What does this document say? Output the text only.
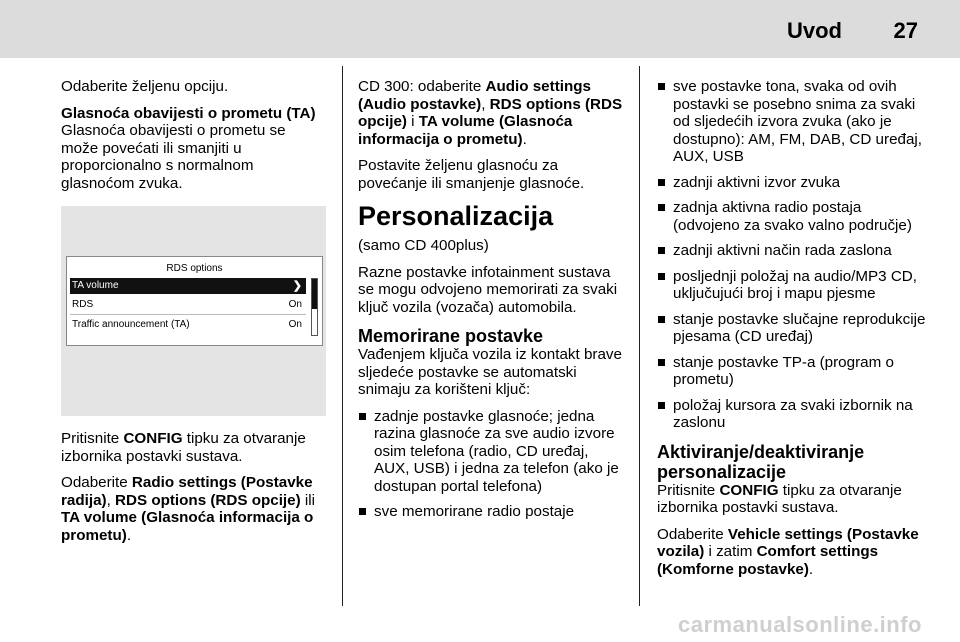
Uvod 27

Odaberite željenu opciju.

Glasnoća obavijesti o prometu (TA)

Glasnoća obavijesti o prometu se može povećati ili smanjiti u proporcionalno s normalnom glasnoćom zvuka.

RDS options
TA volume	❯
RDS	On
Traffic announcement (TA)	On

Pritisnite CONFIG tipku za otvaranje izbornika postavki sustava.

Odaberite Radio settings (Postavke radija), RDS options (RDS opcije) ili TA volume (Glasnoća informacija o prometu).

CD 300: odaberite Audio settings (Audio postavke), RDS options (RDS opcije) i TA volume (Glasnoća informacija o prometu).

Postavite željenu glasnoću za povećanje ili smanjenje glasnoće.

Personalizacija

(samo CD 400plus)

Razne postavke infotainment sustava se mogu odvojeno memorirati za svaki ključ vozila (vozača) automobila.

Memorirane postavke

Vađenjem ključa vozila iz kontakt brave sljedeće postavke se automatski snimaju za korišteni ključ:

zadnje postavke glasnoće; jedna razina glasnoće za sve audio izvore osim telefona (radio, CD uređaj, AUX, USB) i jedna za telefon (ako je dostupan portal telefona)
sve memorirane radio postaje
sve postavke tona, svaka od ovih postavki se posebno snima za svaki od sljedećih izvora zvuka (ako je dostupno): AM, FM, DAB, CD uređaj, AUX, USB
zadnji aktivni izvor zvuka
zadnja aktivna radio postaja (odvojeno za svako valno područje)
zadnji aktivni način rada zaslona
posljednji položaj na audio/MP3 CD, uključujući broj i mapu pjesme
stanje postavke slučajne reprodukcije pjesama (CD uređaj)
stanje postavke TP-a (program o prometu)
položaj kursora za svaki izbornik na zaslonu
Aktiviranje/deaktiviranje personalizacije

Pritisnite CONFIG tipku za otvaranje izbornika postavki sustava.

Odaberite Vehicle settings (Postavke vozila) i zatim Comfort settings (Komforne postavke).

carmanualsonline.info
